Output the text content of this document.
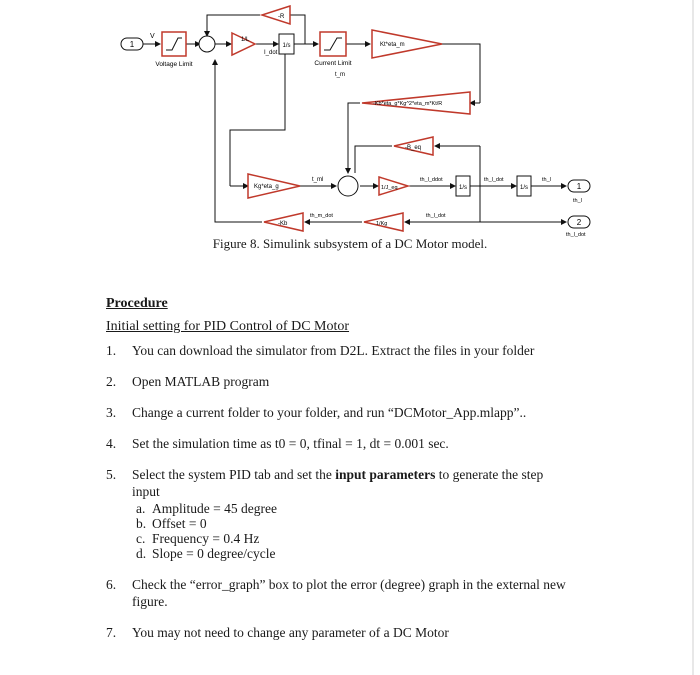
1
V
Voltage Limit
1/L
I_dot
1/s
Current Limit
t_m
Kt*eta_m
-R
-Kb*eta_g*Kg^2*eta_m*Kt/R
-B_eq
Kg*eta_g
t_ml
1/J_eq
th_l_ddot
1/s
th_l_dot
1/s
th_l
1
th_l
2
th_l_dot
1/Kg
th_l_dot
-Kb
th_m_dot
Figure 8. Simulink subsystem of a DC Motor model.
Procedure
Initial setting for PID Control of DC Motor
1. You can download the simulator from D2L. Extract the files in your folder
2. Open MATLAB program
3. Change a current folder to your folder, and run “DCMotor_App.mlapp”..
4. Set the simulation time as t0 = 0, tfinal = 1, dt = 0.001 sec.
5. Select the system PID tab and set the input parameters to generate the step input
a. Amplitude = 45 degree
b. Offset = 0
c. Frequency = 0.4 Hz
d. Slope = 0 degree/cycle
6. Check the “error_graph” box to plot the error (degree) graph in the external new figure.
7. You may not need to change any parameter of a DC Motor
